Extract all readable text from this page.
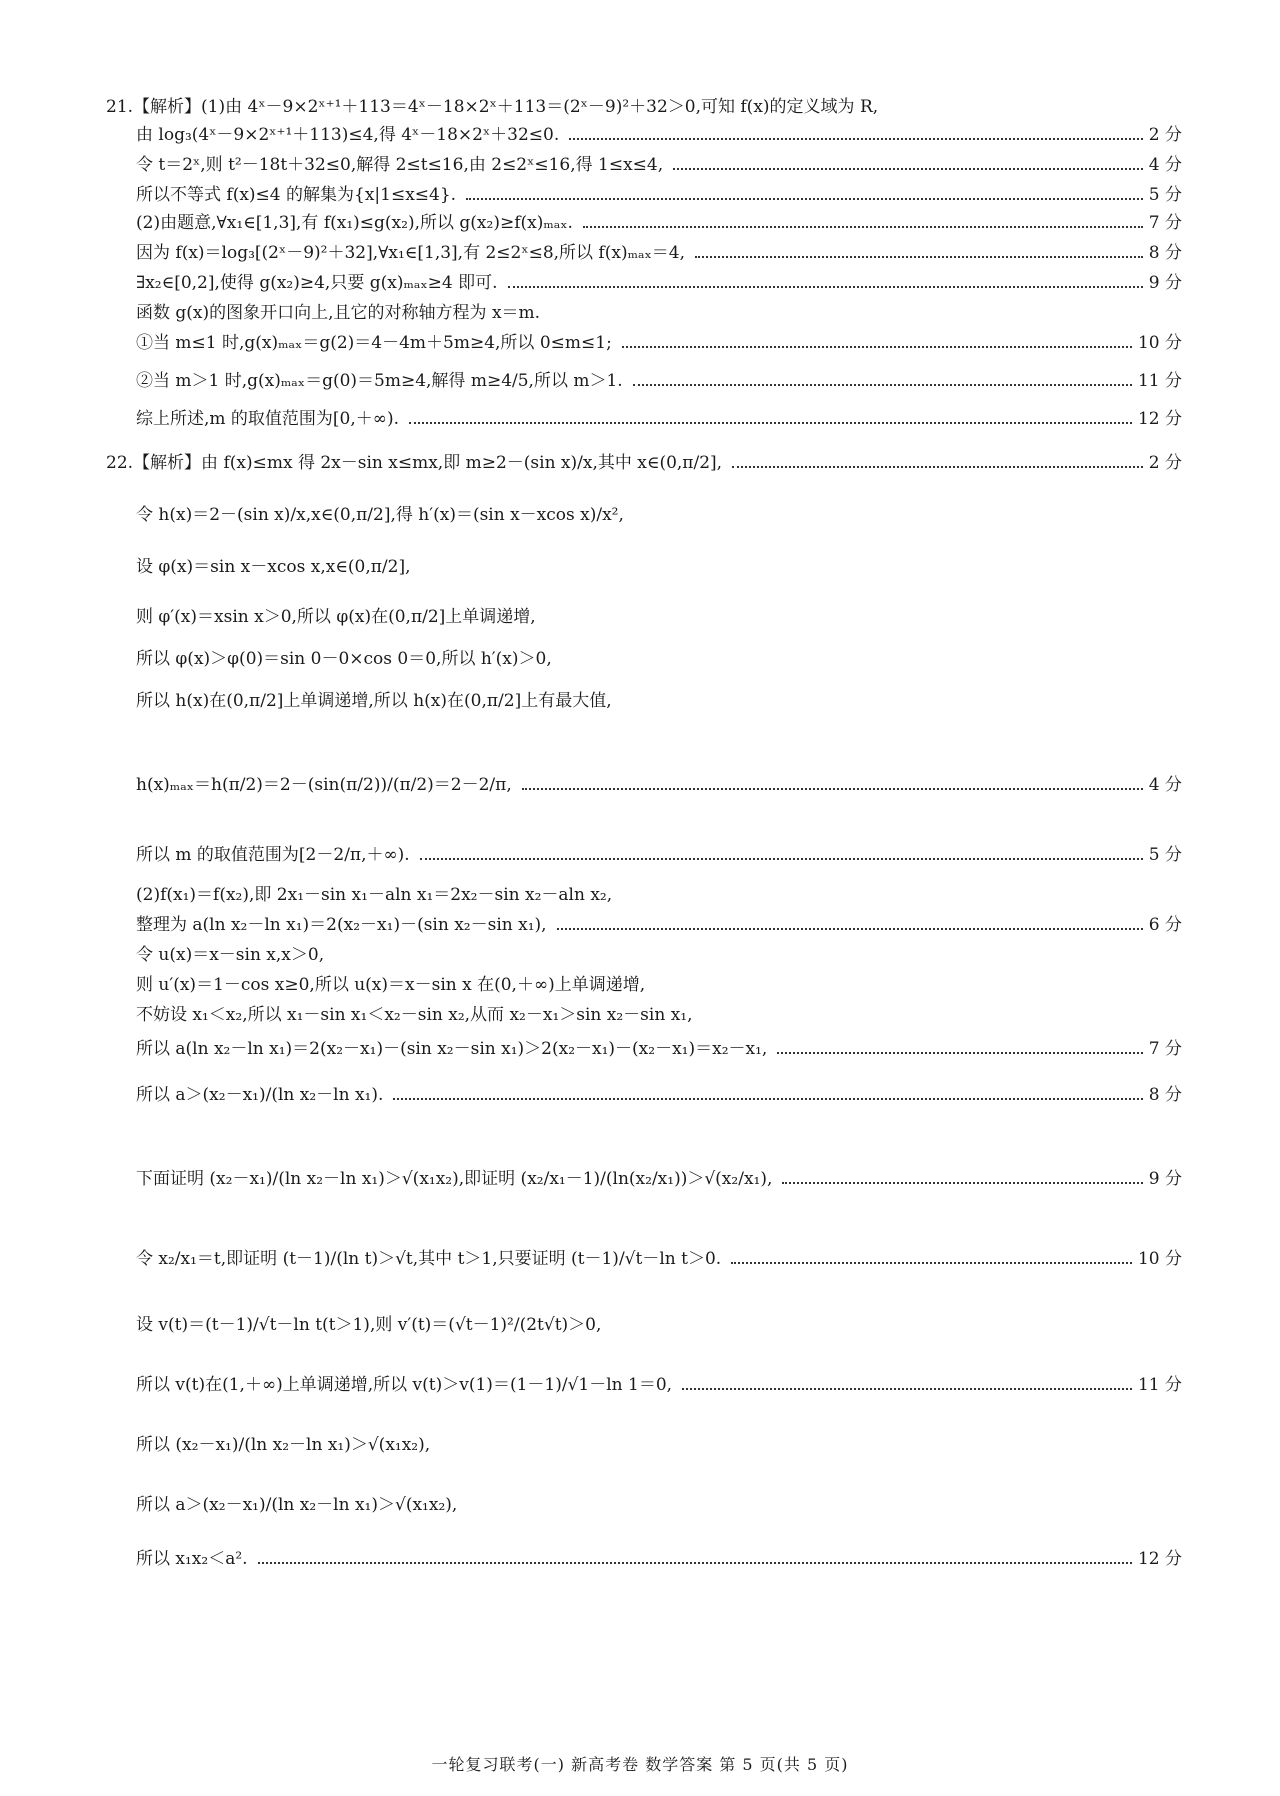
21.【解析】(1)由 4ˣ－9×2ˣ⁺¹＋113＝4ˣ－18×2ˣ＋113＝(2ˣ－9)²＋32＞0,可知 f(x)的定义域为 R,
由 log₃(4ˣ－9×2ˣ⁺¹＋113)≤4,得 4ˣ－18×2ˣ＋32≤0.	2 分
令 t＝2ˣ,则 t²－18t＋32≤0,解得 2≤t≤16,由 2≤2ˣ≤16,得 1≤x≤4,	4 分
所以不等式 f(x)≤4 的解集为{x|1≤x≤4}.	5 分
(2)由题意,∀x₁∈[1,3],有 f(x₁)≤g(x₂),所以 g(x₂)≥f(x)ₘₐₓ.	7 分
因为 f(x)＝log₃[(2ˣ－9)²＋32],∀x₁∈[1,3],有 2≤2ˣ≤8,所以 f(x)ₘₐₓ＝4,	8 分
∃x₂∈[0,2],使得 g(x₂)≥4,只要 g(x)ₘₐₓ≥4 即可.	9 分
函数 g(x)的图象开口向上,且它的对称轴方程为 x＝m.
①当 m≤1 时,g(x)ₘₐₓ＝g(2)＝4－4m＋5m≥4,所以 0≤m≤1;	10 分
②当 m＞1 时,g(x)ₘₐₓ＝g(0)＝5m≥4,解得 m≥4/5,所以 m＞1.	11 分
综上所述,m 的取值范围为[0,＋∞).	12 分
22.【解析】由 f(x)≤mx 得 2x－sin x≤mx,即 m≥2－(sin x)/x,其中 x∈(0,π/2],	2 分
令 h(x)＝2－(sin x)/x,x∈(0,π/2],得 h′(x)＝(sin x－xcos x)/x²,
设 φ(x)＝sin x－xcos x,x∈(0,π/2],
则 φ′(x)＝xsin x＞0,所以 φ(x)在(0,π/2]上单调递增,
所以 φ(x)＞φ(0)＝sin 0－0×cos 0＝0,所以 h′(x)＞0,
所以 h(x)在(0,π/2]上单调递增,所以 h(x)在(0,π/2]上有最大值,
h(x)ₘₐₓ＝h(π/2)＝2－(sin(π/2))/(π/2)＝2－2/π,	4 分
所以 m 的取值范围为[2－2/π,＋∞).	5 分
(2)f(x₁)＝f(x₂),即 2x₁－sin x₁－aln x₁＝2x₂－sin x₂－aln x₂,
整理为 a(ln x₂－ln x₁)＝2(x₂－x₁)－(sin x₂－sin x₁),	6 分
令 u(x)＝x－sin x,x＞0,
则 u′(x)＝1－cos x≥0,所以 u(x)＝x－sin x 在(0,＋∞)上单调递增,
不妨设 x₁＜x₂,所以 x₁－sin x₁＜x₂－sin x₂,从而 x₂－x₁＞sin x₂－sin x₁,
所以 a(ln x₂－ln x₁)＝2(x₂－x₁)－(sin x₂－sin x₁)＞2(x₂－x₁)－(x₂－x₁)＝x₂－x₁,	7 分
所以 a＞(x₂－x₁)/(ln x₂－ln x₁).	8 分
下面证明 (x₂－x₁)/(ln x₂－ln x₁)＞√(x₁x₂),即证明 (x₂/x₁－1)/(ln(x₂/x₁))＞√(x₂/x₁),	9 分
令 x₂/x₁＝t,即证明 (t－1)/(ln t)＞√t,其中 t＞1,只要证明 (t－1)/√t－ln t＞0.	10 分
设 v(t)＝(t－1)/√t－ln t(t＞1),则 v′(t)＝(√t－1)²/(2t√t)＞0,
所以 v(t)在(1,＋∞)上单调递增,所以 v(t)＞v(1)＝(1－1)/√1－ln 1＝0,	11 分
所以 (x₂－x₁)/(ln x₂－ln x₁)＞√(x₁x₂),
所以 a＞(x₂－x₁)/(ln x₂－ln x₁)＞√(x₁x₂),
所以 x₁x₂＜a².	12 分
一轮复习联考(一) 新高考卷 数学答案 第 5 页(共 5 页)
